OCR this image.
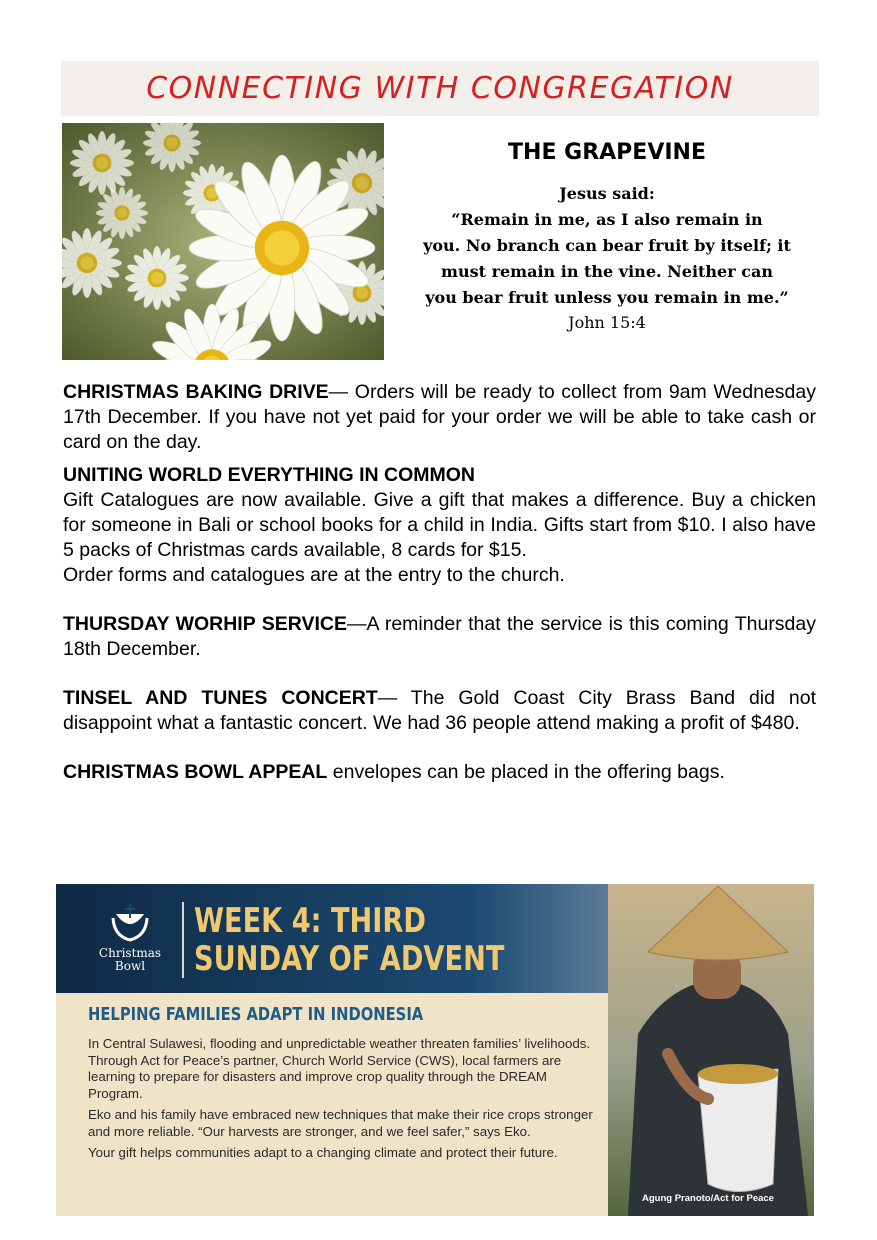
CONNECTING WITH CONGREGATION
THE GRAPEVINE
Jesus said:
“Remain in me, as I also remain in
you. No branch can bear fruit by itself; it
must remain in the vine. Neither can
you bear fruit unless you remain in me.”
John 15:4

CHRISTMAS BAKING DRIVE— Orders will be ready to collect from 9am Wednesday 17th December. If you have not yet paid for your order we will be able to take cash or card on the day.

UNITING WORLD EVERYTHING IN COMMON

Gift Catalogues are now available. Give a gift that makes a difference. Buy a chicken for someone in Bali or school books for a child in India. Gifts start from $10. I also have 5 packs of Christmas cards available, 8 cards for $15.

Order forms and catalogues are at the entry to the church.

THURSDAY WORHIP SERVICE—A reminder that the service is this coming Thursday 18th December.

TINSEL AND TUNES CONCERT— The Gold Coast City Brass Band did not disappoint what a fantastic concert. We had 36 people attend making a profit of $480.

CHRISTMAS BOWL APPEAL envelopes can be placed in the offering bags.

Christmas
Bowl
WEEK 4: THIRD
SUNDAY OF ADVENT
HELPING FAMILIES ADAPT IN INDONESIA

In Central Sulawesi, flooding and unpredictable weather threaten families’ livelihoods. Through Act for Peace’s partner, Church World Service (CWS), local farmers are learning to prepare for disasters and improve crop quality through the DREAM Program.

Eko and his family have embraced new techniques that make their rice crops stronger and more reliable. “Our harvests are stronger, and we feel safer,” says Eko.

Your gift helps communities adapt to a changing climate and protect their future.

Agung Pranoto/Act for Peace
